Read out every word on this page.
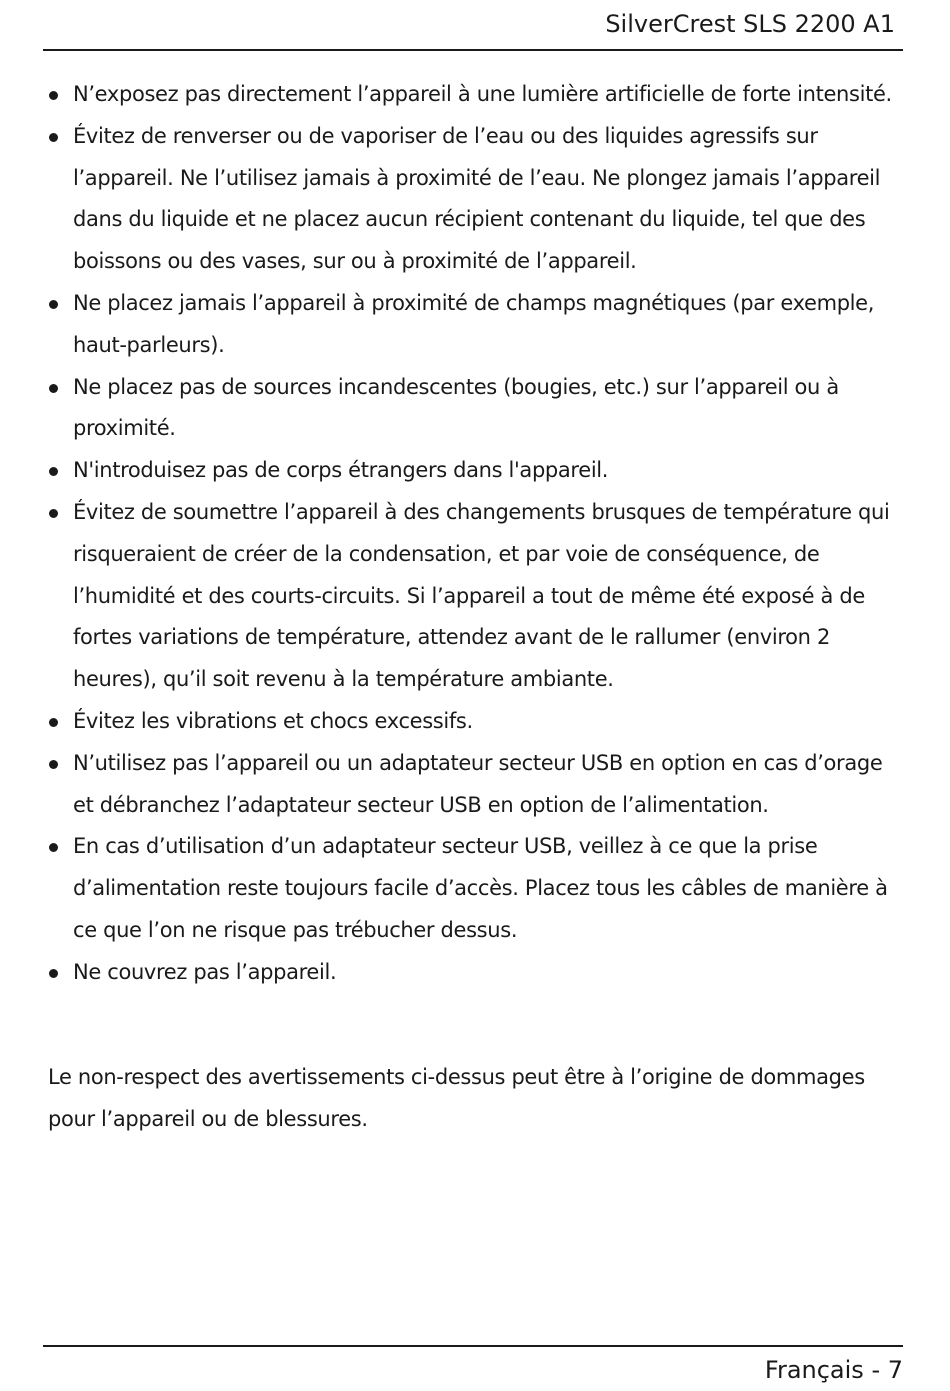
SilverCrest SLS 2200 A1
N’exposez pas directement l’appareil à une lumière artificielle de forte intensité.
Évitez de renverser ou de vaporiser de l’eau ou des liquides agressifs sur l’appareil. Ne l’utilisez jamais à proximité de l’eau. Ne plongez jamais l’appareil dans du liquide et ne placez aucun récipient contenant du liquide, tel que des boissons ou des vases, sur ou à proximité de l’appareil.
Ne placez jamais l’appareil à proximité de champs magnétiques (par exemple, haut-parleurs).
Ne placez pas de sources incandescentes (bougies, etc.) sur l’appareil ou à proximité.
N'introduisez pas de corps étrangers dans l'appareil.
Évitez de soumettre l’appareil à des changements brusques de température qui risqueraient de créer de la condensation, et par voie de conséquence, de l’humidité et des courts-circuits. Si l’appareil a tout de même été exposé à de fortes variations de température, attendez avant de le rallumer (environ 2 heures), qu’il soit revenu à la température ambiante.
Évitez les vibrations et chocs excessifs.
N’utilisez pas l’appareil ou un adaptateur secteur USB en option en cas d’orage et débranchez l’adaptateur secteur USB en option de l’alimentation.
En cas d’utilisation d’un adaptateur secteur USB, veillez à ce que la prise d’alimentation reste toujours facile d’accès. Placez tous les câbles de manière à ce que l’on ne risque pas trébucher dessus.
Ne couvrez pas l’appareil.

Le non-respect des avertissements ci-dessus peut être à l’origine de dommages pour l’appareil ou de blessures.

Français - 7
